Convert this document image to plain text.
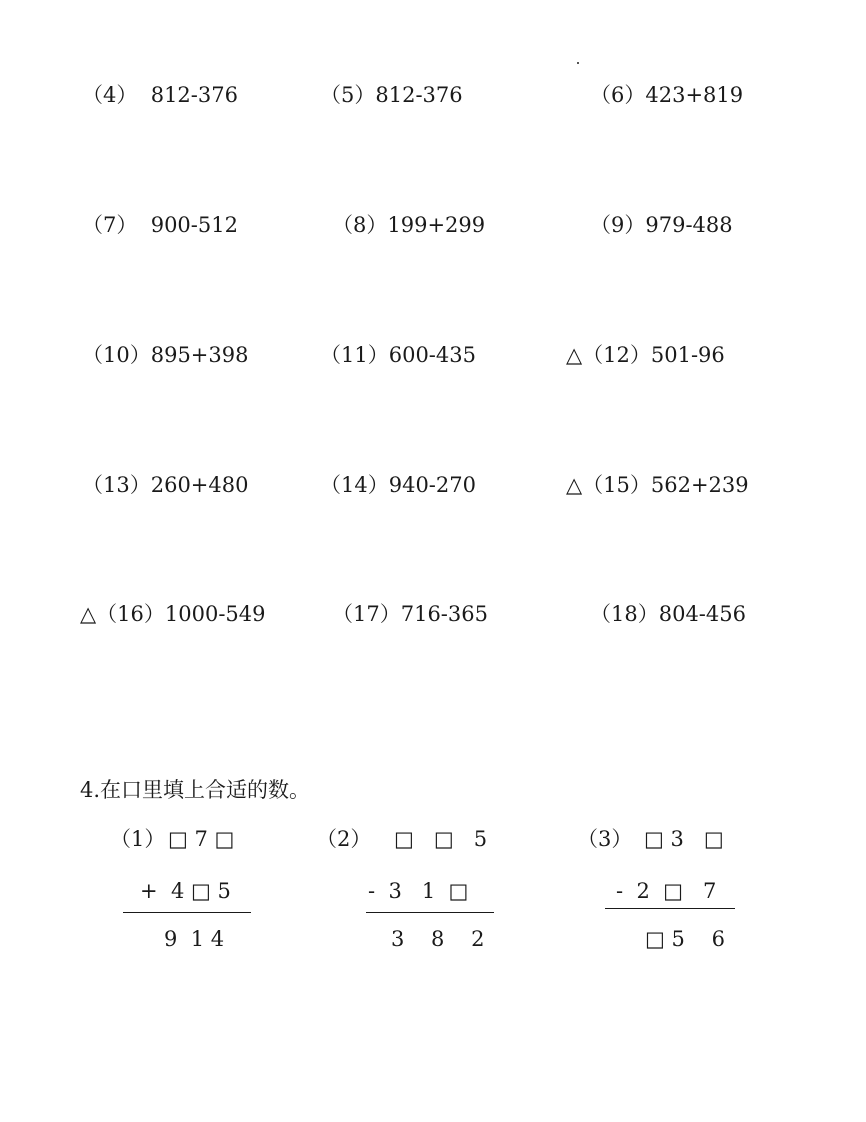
（4）  812-376	（5）812-376	（6）423+819
（7）  900-512	（8）199+299	（9）979-488
（10）895+398	（11）600-435	△（12）501-96
（13）260+480	（14）940-270	△（15）562+239
△（16）1000-549	（17）716-365	（18）804-456
4.在口里填上合适的数。
（1） □ 7 □
+  4 □ 5
9  1 4
（2） □   □   5
-  3   1  □
3    8    2
（3） □ 3   □
-  2  □   7
□ 5    6
